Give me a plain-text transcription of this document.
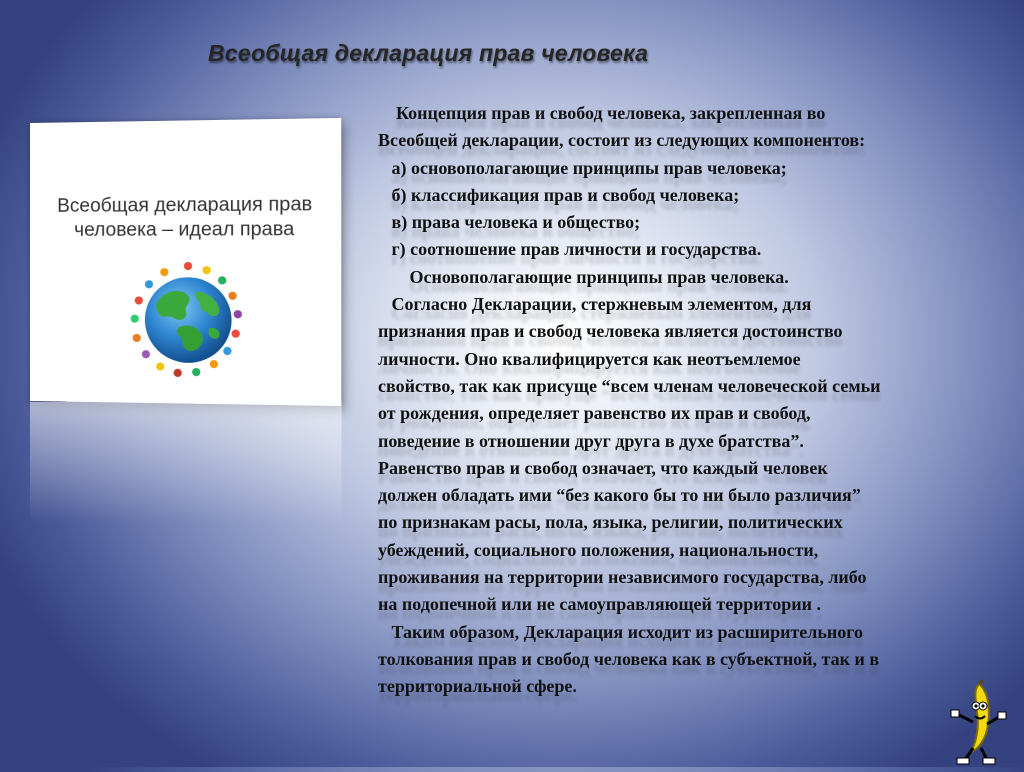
Всеобщая декларация прав человека
Всеобщая декларация прав
человека – идеал права
Концепция прав и свобод человека, закрепленная во
Всеобщей декларации, состоит из следующих компонентов:
а) основополагающие принципы прав человека;
б) классификация прав и свобод человека;
в) права человека и общество;
г) соотношение прав личности и государства.
Основополагающие принципы прав человека.
Согласно Декларации, стержневым элементом, для
признания прав и свобод человека является достоинство
личности. Оно квалифицируется как неотъемлемое
свойство, так как присуще “всем членам человеческой семьи
от рождения, определяет равенство их прав и свобод,
поведение в отношении друг друга в духе братства”.
Равенство прав и свобод означает, что каждый человек
должен обладать ими “без какого бы то ни было различия”
по признакам расы, пола, языка, религии, политических
убеждений, социального положения, национальности,
проживания на территории независимого государства, либо
на подопечной или не самоуправляющей территории .
Таким образом, Декларация исходит из расширительного
толкования прав и свобод человека как в субъектной, так и в
территориальной сфере.
